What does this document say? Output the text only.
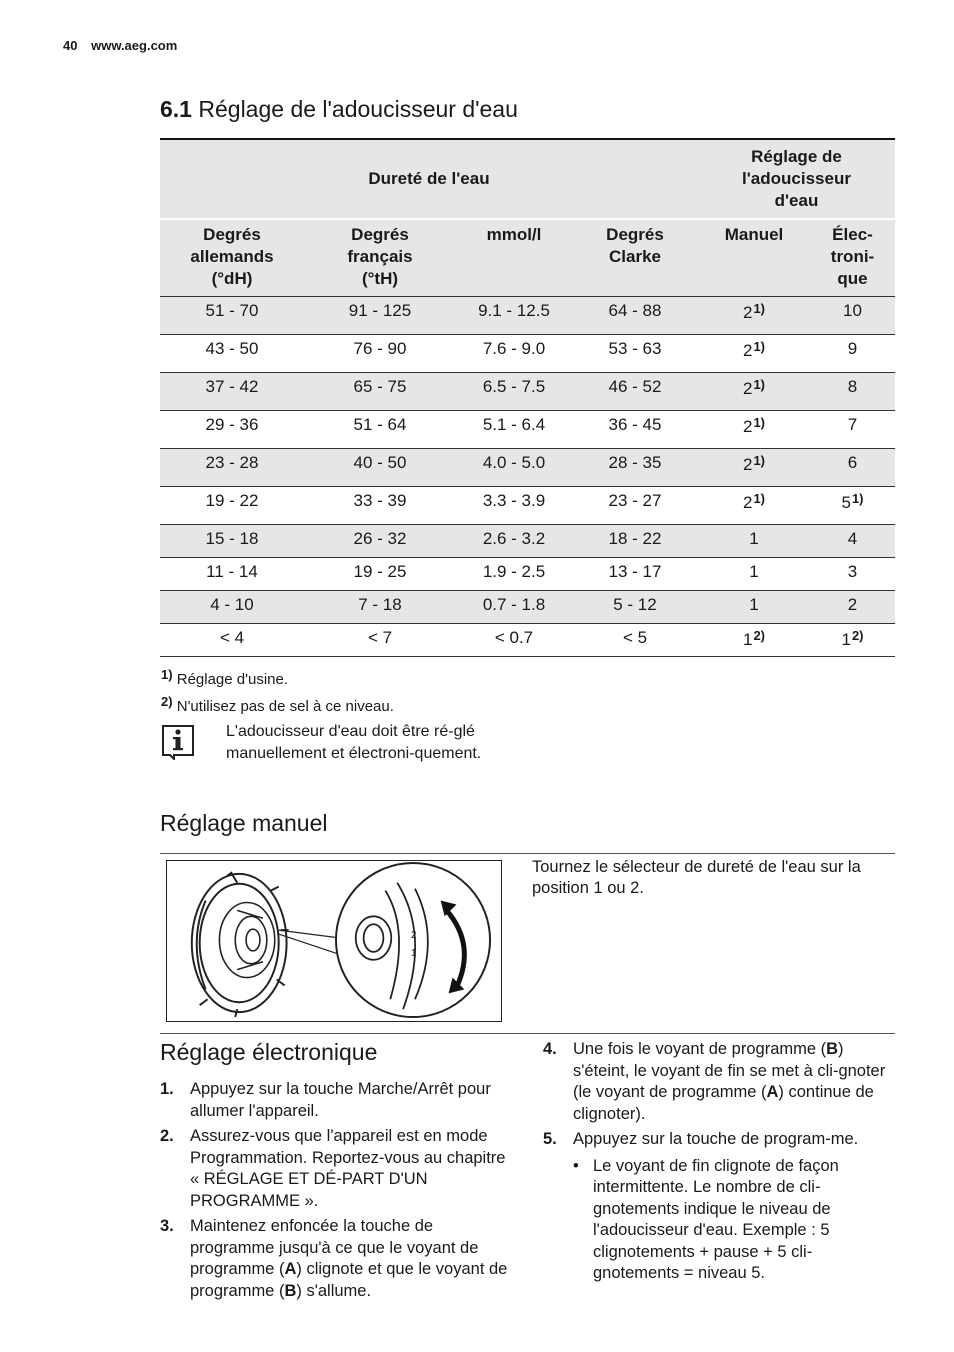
40 www.aeg.com
6.1 Réglage de l'adoucisseur d'eau
Dureté de l'eau				Réglage de l'adoucisseur d'eau	
Degrés allemands (°dH)	Degrés français (°tH)	mmol/l	Degrés Clarke	Manuel	Élec-troni-que
51 - 70	91 - 125	9.1 - 12.5	64 - 88	2$^{1)}$	10
43 - 50	76 - 90	7.6 - 9.0	53 - 63	2$^{1)}$	9
37 - 42	65 - 75	6.5 - 7.5	46 - 52	2$^{1)}$	8
29 - 36	51 - 64	5.1 - 6.4	36 - 45	2$^{1)}$	7
23 - 28	40 - 50	4.0 - 5.0	28 - 35	2$^{1)}$	6
19 - 22	33 - 39	3.3 - 3.9	23 - 27	2$^{1)}$	5$^{1)}$
15 - 18	26 - 32	2.6 - 3.2	18 - 22	1	4
11 - 14	19 - 25	1.9 - 2.5	13 - 17	1	3
4 - 10	7 - 18	0.7 - 1.8	5 - 12	1	2
< 4	< 7	< 0.7	< 5	1$^{2)}$	1$^{2)}$
$^{1)}$ Réglage d'usine.
$^{2)}$ N'utilisez pas de sel à ce niveau.
L'adoucisseur d'eau doit être ré-glé manuellement et électroni-quement.
Réglage manuel
2
1
Tournez le sélecteur de dureté de l'eau sur la position 1 ou 2.
Réglage électronique
1. Appuyez sur la touche Marche/Arrêt pour allumer l'appareil.
2. Assurez-vous que l'appareil est en mode Programmation. Reportez-vous au chapitre « RÉGLAGE ET DÉ-PART D'UN PROGRAMME ».
3. Maintenez enfoncée la touche de programme jusqu'à ce que le voyant de programme (A) clignote et que le voyant de programme (B) s'allume.
4. Une fois le voyant de programme (B) s'éteint, le voyant de fin se met à cli-gnoter (le voyant de programme (A) continue de clignoter).
5. Appuyez sur la touche de program-me.
• Le voyant de fin clignote de façon intermittente. Le nombre de cli-gnotements indique le niveau de l'adoucisseur d'eau. Exemple : 5 clignotements + pause + 5 cli-gnotements = niveau 5.
